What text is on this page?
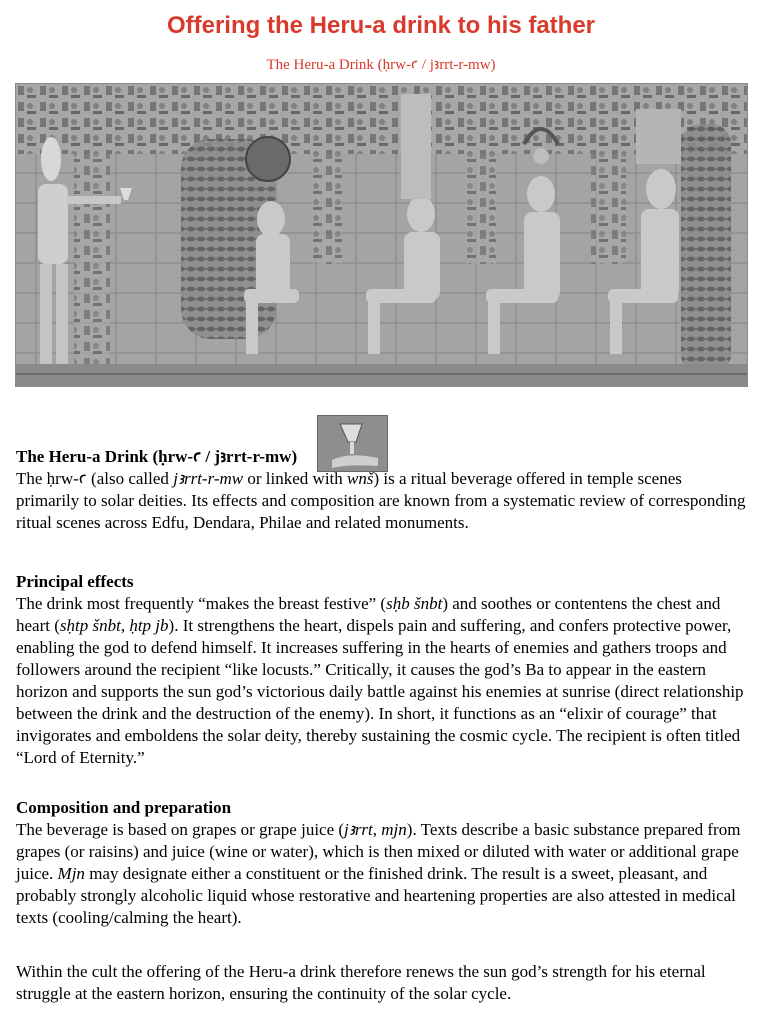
Offering the Heru-a drink to his father
The Heru-a Drink (ḥrw-ꜥ / jꜣrrt-r-mw)

The Heru-a Drink (ḥrw-ꜥ / jꜣrrt-r-mw)

The ḥrw-ꜥ (also called jꜣrrt-r-mw or linked with wnš) is a ritual beverage offered in temple scenes primarily to solar deities. Its effects and composition are known from a systematic review of corresponding ritual scenes across Edfu, Dendara, Philae and related monuments.

Principal effects

The drink most frequently “makes the breast festive” (sḥb šnbt) and soothes or contentens the chest and heart (sḥtp šnbt, ḥtp jb). It strengthens the heart, dispels pain and suffering, and confers protective power, enabling the god to defend himself. It increases suffering in the hearts of enemies and gathers troops and followers around the recipient “like locusts.” Critically, it causes the god’s Ba to appear in the eastern horizon and supports the sun god’s victorious daily battle against his enemies at sunrise (direct relationship between the drink and the destruction of the enemy). In short, it functions as an “elixir of courage” that invigorates and emboldens the solar deity, thereby sustaining the cosmic cycle. The recipient is often titled “Lord of Eternity.”

Composition and preparation

The beverage is based on grapes or grape juice (jꜣrrt, mjn). Texts describe a basic substance prepared from grapes (or raisins) and juice (wine or water), which is then mixed or diluted with water or additional grape juice. Mjn may designate either a constituent or the finished drink. The result is a sweet, pleasant, and probably strongly alcoholic liquid whose restorative and heartening properties are also attested in medical texts (cooling/calming the heart).

Within the cult the offering of the Heru-a drink therefore renews the sun god’s strength for his eternal struggle at the eastern horizon, ensuring the continuity of the solar cycle.
